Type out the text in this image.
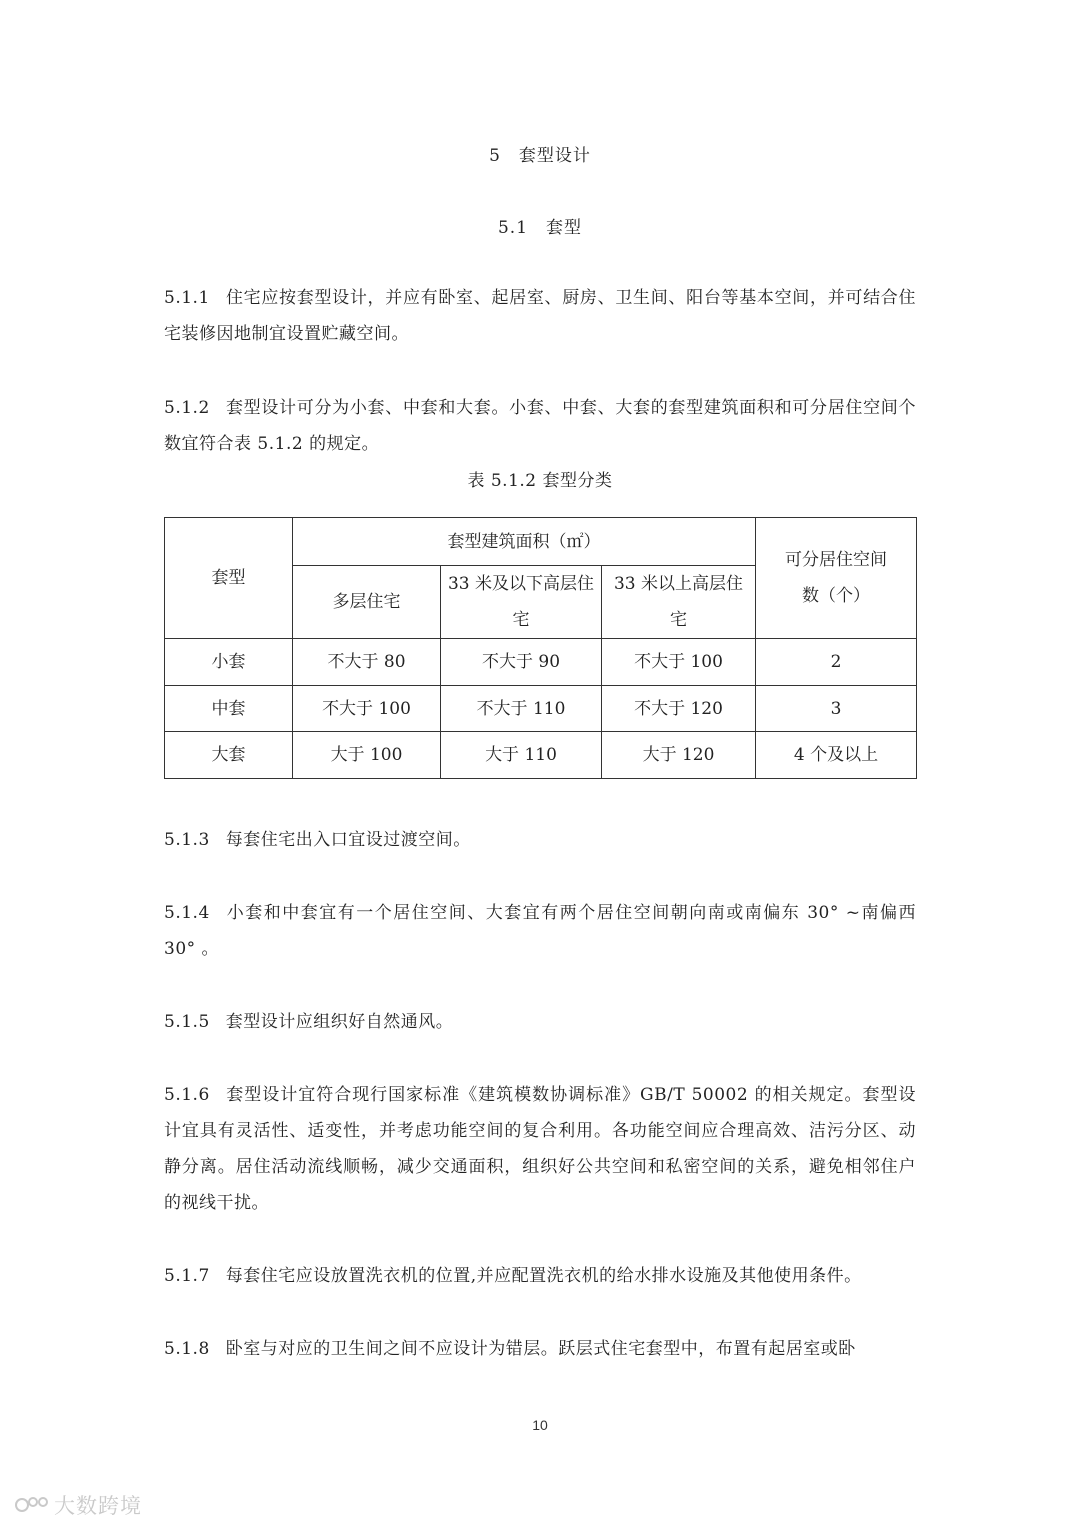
5 套型设计
5.1 套型
5.1.1 住宅应按套型设计，并应有卧室、起居室、厨房、卫生间、阳台等基本空间，并可结合住宅装修因地制宜设置贮藏空间。
5.1.2 套型设计可分为小套、中套和大套。小套、中套、大套的套型建筑面积和可分居住空间个数宜符合表 5.1.2 的规定。
表 5.1.2 套型分类
套型	套型建筑面积（㎡）			可分居住空间数（个）
	多层住宅	33 米及以下高层住宅	33 米以上高层住宅	
小套	不大于 80	不大于 90	不大于 100	2
中套	不大于 100	不大于 110	不大于 120	3
大套	大于 100	大于 110	大于 120	4 个及以上
5.1.3 每套住宅出入口宜设过渡空间。
5.1.4 小套和中套宜有一个居住空间、大套宜有两个居住空间朝向南或南偏东 30° ~南偏西 30° 。
5.1.5 套型设计应组织好自然通风。
5.1.6 套型设计宜符合现行国家标准《建筑模数协调标准》GB/T 50002 的相关规定。套型设计宜具有灵活性、适变性，并考虑功能空间的复合利用。各功能空间应合理高效、洁污分区、动静分离。居住活动流线顺畅，减少交通面积，组织好公共空间和私密空间的关系，避免相邻住户的视线干扰。
5.1.7 每套住宅应设放置洗衣机的位置,并应配置洗衣机的给水排水设施及其他使用条件。
5.1.8 卧室与对应的卫生间之间不应设计为错层。跃层式住宅套型中，布置有起居室或卧
10
大数跨境
